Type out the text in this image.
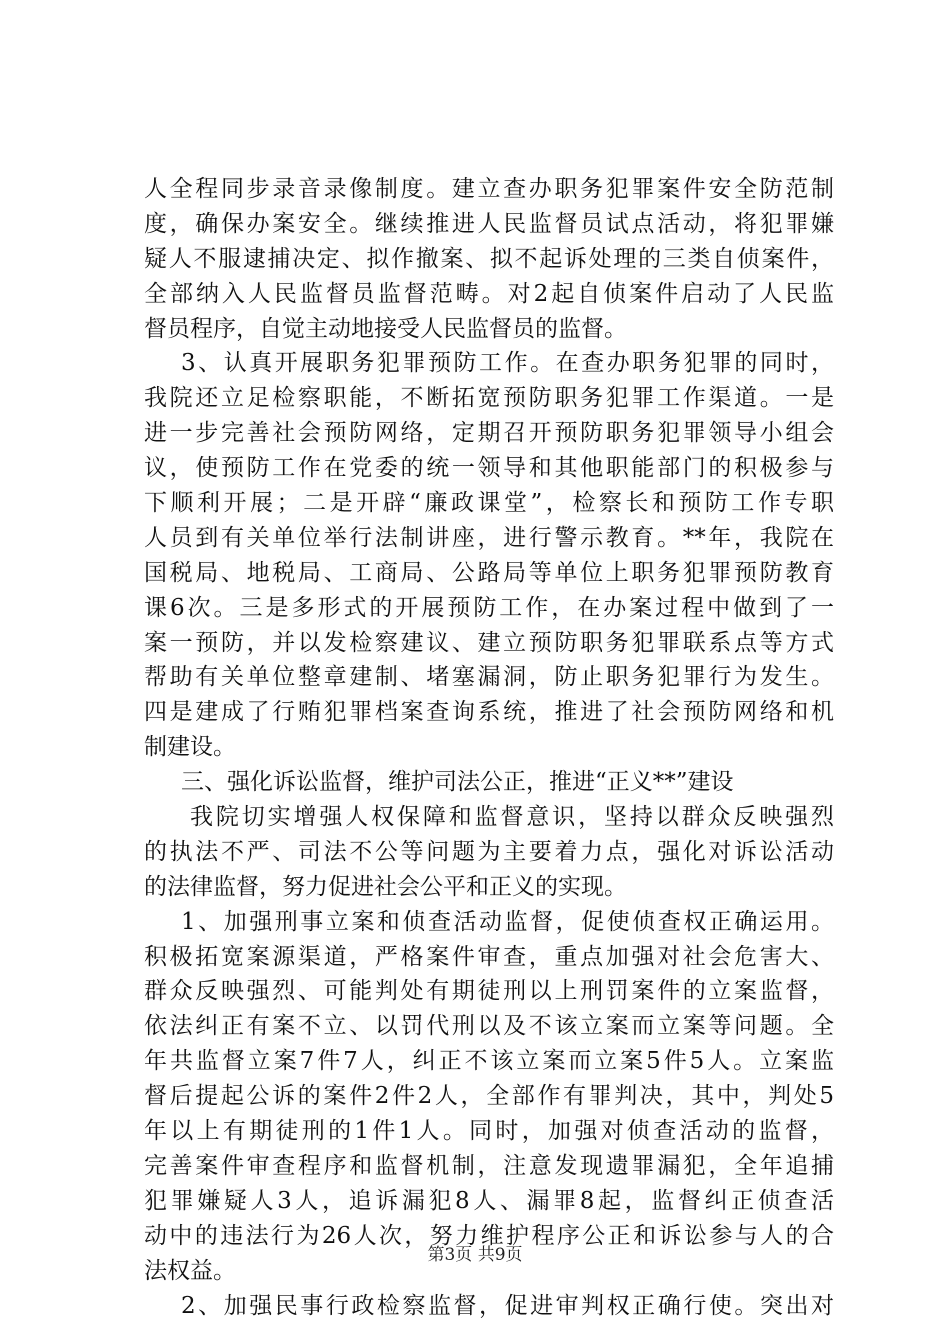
人全程同步录音录像制度。建立查办职务犯罪案件安全防范制
度，确保办案安全。继续推进人民监督员试点活动，将犯罪嫌
疑人不服逮捕决定、拟作撤案、拟不起诉处理的三类自侦案件，
全部纳入人民监督员监督范畴。对2起自侦案件启动了人民监
督员程序，自觉主动地接受人民监督员的监督。
3、认真开展职务犯罪预防工作。在查办职务犯罪的同时，
我院还立足检察职能，不断拓宽预防职务犯罪工作渠道。一是
进一步完善社会预防网络，定期召开预防职务犯罪领导小组会
议，使预防工作在党委的统一领导和其他职能部门的积极参与
下顺利开展；二是开辟“廉政课堂”，检察长和预防工作专职
人员到有关单位举行法制讲座，进行警示教育。**年，我院在
国税局、地税局、工商局、公路局等单位上职务犯罪预防教育
课6次。三是多形式的开展预防工作，在办案过程中做到了一
案一预防，并以发检察建议、建立预防职务犯罪联系点等方式
帮助有关单位整章建制、堵塞漏洞，防止职务犯罪行为发生。
四是建成了行贿犯罪档案查询系统，推进了社会预防网络和机
制建设。
三、强化诉讼监督，维护司法公正，推进“正义**”建设
我院切实增强人权保障和监督意识，坚持以群众反映强烈
的执法不严、司法不公等问题为主要着力点，强化对诉讼活动
的法律监督，努力促进社会公平和正义的实现。
1、加强刑事立案和侦查活动监督，促使侦查权正确运用。
积极拓宽案源渠道，严格案件审查，重点加强对社会危害大、
群众反映强烈、可能判处有期徒刑以上刑罚案件的立案监督，
依法纠正有案不立、以罚代刑以及不该立案而立案等问题。全
年共监督立案7件7人，纠正不该立案而立案5件5人。立案监
督后提起公诉的案件2件2人，全部作有罪判决，其中，判处5
年以上有期徒刑的1件1人。同时，加强对侦查活动的监督，
完善案件审查程序和监督机制，注意发现遗罪漏犯，全年追捕
犯罪嫌疑人3人，追诉漏犯8人、漏罪8起，监督纠正侦查活
动中的违法行为26人次，努力维护程序公正和诉讼参与人的合
法权益。
2、加强民事行政检察监督，促进审判权正确行使。突出对
第3页 共9页
